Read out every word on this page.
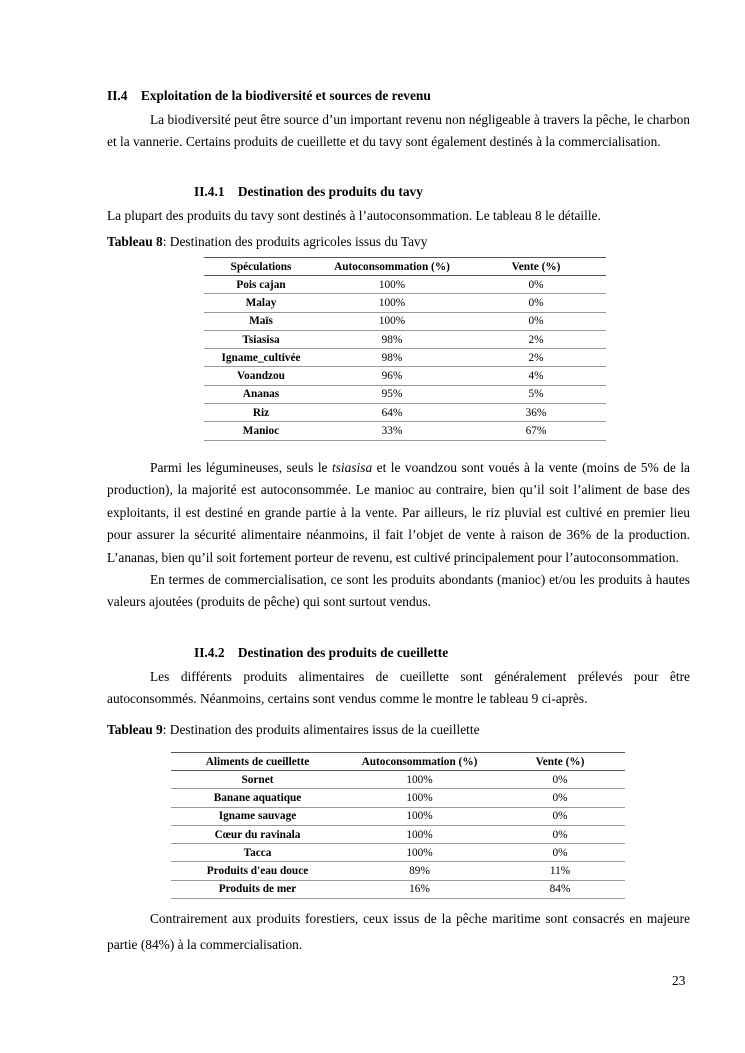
II.4 Exploitation de la biodiversité et sources de revenu

La biodiversité peut être source d’un important revenu non négligeable à travers la pêche, le charbon et la vannerie. Certains produits de cueillette et du tavy sont également destinés à la commercialisation.

II.4.1 Destination des produits du tavy

La plupart des produits du tavy sont destinés à l’autoconsommation. Le tableau 8 le détaille.

Tableau 8: Destination des produits agricoles issus du Tavy
Spéculations	Autoconsommation (%)	Vente (%)
Pois cajan	100%	0%
Malay	100%	0%
Maïs	100%	0%
Tsiasisa	98%	2%
Igname_cultivée	98%	2%
Voandzou	96%	4%
Ananas	95%	5%
Riz	64%	36%
Manioc	33%	67%

Parmi les légumineuses, seuls le tsiasisa et le voandzou sont voués à la vente (moins de 5% de la production), la majorité est autoconsommée. Le manioc au contraire, bien qu’il soit l’aliment de base des exploitants, il est destiné en grande partie à la vente. Par ailleurs, le riz pluvial est cultivé en premier lieu pour assurer la sécurité alimentaire néanmoins, il fait l’objet de vente à raison de 36% de la production. L’ananas, bien qu’il soit fortement porteur de revenu, est cultivé principalement pour l’autoconsommation.

En termes de commercialisation, ce sont les produits abondants (manioc) et/ou les produits à hautes valeurs ajoutées (produits de pêche) qui sont surtout vendus.

II.4.2 Destination des produits de cueillette

Les différents produits alimentaires de cueillette sont généralement prélevés pour être autoconsommés. Néanmoins, certains sont vendus comme le montre le tableau 9 ci-après.

Tableau 9: Destination des produits alimentaires issus de la cueillette
Aliments de cueillette	Autoconsommation (%)	Vente (%)
Sornet	100%	0%
Banane aquatique	100%	0%
Igname sauvage	100%	0%
Cœur du ravinala	100%	0%
Tacca	100%	0%
Produits d'eau douce	89%	11%
Produits de mer	16%	84%

Contrairement aux produits forestiers, ceux issus de la pêche maritime sont consacrés en majeure partie (84%) à la commercialisation.

23
